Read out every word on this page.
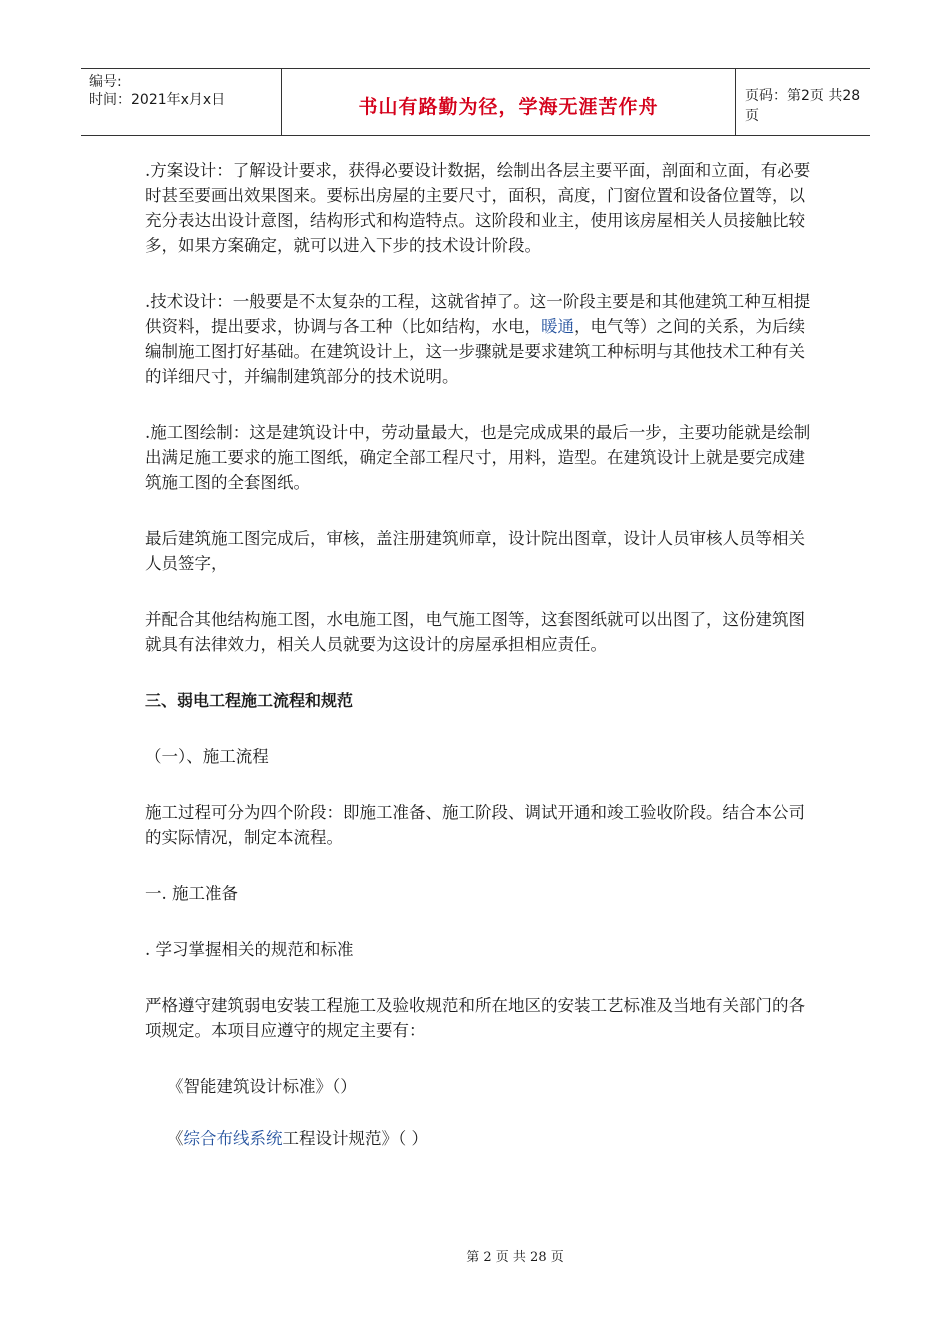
编号:
时间：2021年x月x日	书山有路勤为径，学海无涯苦作舟	页码：第2页 共28页

.方案设计：了解设计要求，获得必要设计数据，绘制出各层主要平面，剖面和立面，有必要时甚至要画出效果图来。要标出房屋的主要尺寸，面积，高度，门窗位置和设备位置等，以充分表达出设计意图，结构形式和构造特点。这阶段和业主，使用该房屋相关人员接触比较多，如果方案确定，就可以进入下步的技术设计阶段。

.技术设计：一般要是不太复杂的工程，这就省掉了。这一阶段主要是和其他建筑工种互相提供资料，提出要求，协调与各工种（比如结构，水电，暖通，电气等）之间的关系，为后续编制施工图打好基础。在建筑设计上，这一步骤就是要求建筑工种标明与其他技术工种有关的详细尺寸，并编制建筑部分的技术说明。

.施工图绘制：这是建筑设计中，劳动量最大，也是完成成果的最后一步，主要功能就是绘制出满足施工要求的施工图纸，确定全部工程尺寸，用料，造型。在建筑设计上就是要完成建筑施工图的全套图纸。

最后建筑施工图完成后，审核，盖注册建筑师章，设计院出图章，设计人员审核人员等相关人员签字，

并配合其他结构施工图，水电施工图，电气施工图等，这套图纸就可以出图了，这份建筑图就具有法律效力，相关人员就要为这设计的房屋承担相应责任。

三、弱电工程施工流程和规范

（一）、施工流程

施工过程可分为四个阶段：即施工准备、施工阶段、调试开通和竣工验收阶段。结合本公司的实际情况，制定本流程。

一. 施工准备

. 学习掌握相关的规范和标准

严格遵守建筑弱电安装工程施工及验收规范和所在地区的安装工艺标准及当地有关部门的各项规定。本项目应遵守的规定主要有：

《智能建筑设计标准》（）

《综合布线系统工程设计规范》（ ）

第 2 页 共 28 页
